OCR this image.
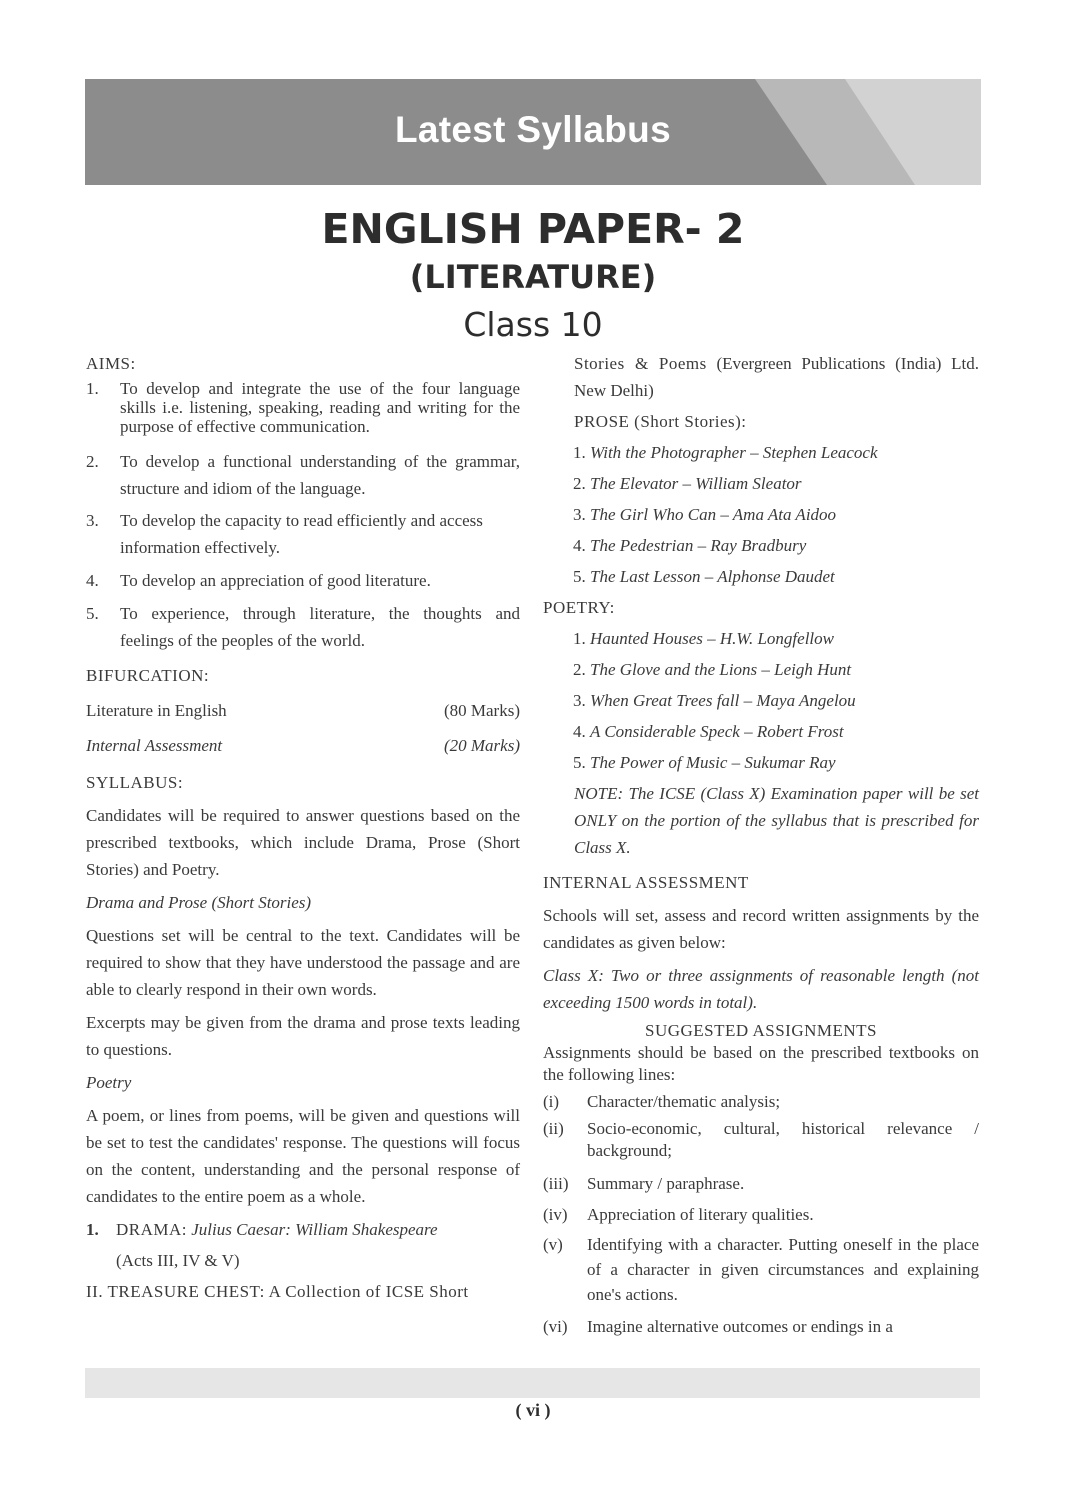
Latest Syllabus
ENGLISH PAPER- 2
(LITERATURE)
Class 10
AIMS:
1. To develop and integrate the use of the four language skills i.e. listening, speaking, reading and writing for the purpose of effective communication.
2. To develop a functional understanding of the grammar, structure and idiom of the language.
3. To develop the capacity to read efficiently and access information effectively.
4. To develop an appreciation of good literature.
5. To experience, through literature, the thoughts and feelings of the peoples of the world.
BIFURCATION:
Literature in English	(80 Marks)
Internal Assessment	(20 Marks)
SYLLABUS:

Candidates will be required to answer questions based on the prescribed textbooks, which include Drama, Prose (Short Stories) and Poetry.

Drama and Prose (Short Stories)

Questions set will be central to the text. Candidates will be required to show that they have understood the passage and are able to clearly respond in their own words.

Excerpts may be given from the drama and prose texts leading to questions.

Poetry

A poem, or lines from poems, will be given and questions will be set to test the candidates' response. The questions will focus on the content, understanding and the personal response of candidates to the entire poem as a whole.

1. DRAMA: Julius Caesar: William Shakespeare
(Acts III, IV & V)
II. TREASURE CHEST: A Collection of ICSE Short
Stories & Poems (Evergreen Publications (India) Ltd. New Delhi)
PROSE (Short Stories):
1. With the Photographer – Stephen Leacock
2. The Elevator – William Sleator
3. The Girl Who Can – Ama Ata Aidoo
4. The Pedestrian – Ray Bradbury
5. The Last Lesson – Alphonse Daudet
POETRY:
1. Haunted Houses – H.W. Longfellow
2. The Glove and the Lions – Leigh Hunt
3. When Great Trees fall – Maya Angelou
4. A Considerable Speck – Robert Frost
5. The Power of Music – Sukumar Ray

NOTE: The ICSE (Class X) Examination paper will be set ONLY on the portion of the syllabus that is prescribed for Class X.

INTERNAL ASSESSMENT

Schools will set, assess and record written assignments by the candidates as given below:

Class X: Two or three assignments of reasonable length (not exceeding 1500 words in total).

SUGGESTED ASSIGNMENTS

Assignments should be based on the prescribed textbooks on the following lines:

(i) Character/thematic analysis;
(ii) Socio-economic, cultural, historical relevance / background;
(iii) Summary / paraphrase.
(iv) Appreciation of literary qualities.
(v) Identifying with a character. Putting oneself in the place of a character in given circumstances and explaining one's actions.
(vi) Imagine alternative outcomes or endings in a
( vi )
